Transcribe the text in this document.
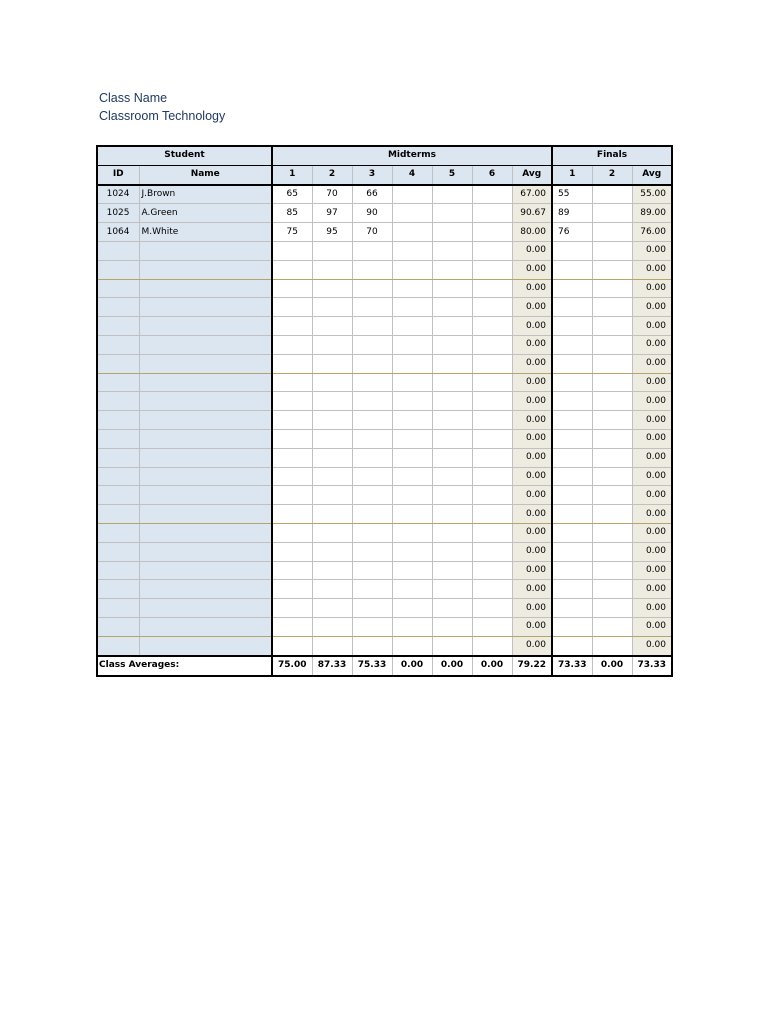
Class Name
Classroom Technology
Student		Midterms							Finals		
ID	Name	1	2	3	4	5	6	Avg	1	2	Avg
1024	J.Brown	65	70	66				67.00	55		55.00
1025	A.Green	85	97	90				90.67	89		89.00
1064	M.White	75	95	70				80.00	76		76.00
								0.00			0.00
								0.00			0.00
								0.00			0.00
								0.00			0.00
								0.00			0.00
								0.00			0.00
								0.00			0.00
								0.00			0.00
								0.00			0.00
								0.00			0.00
								0.00			0.00
								0.00			0.00
								0.00			0.00
								0.00			0.00
								0.00			0.00
								0.00			0.00
								0.00			0.00
								0.00			0.00
								0.00			0.00
								0.00			0.00
								0.00			0.00
								0.00			0.00
Class Averages:		75.00	87.33	75.33	0.00	0.00	0.00	79.22	73.33	0.00	73.33
